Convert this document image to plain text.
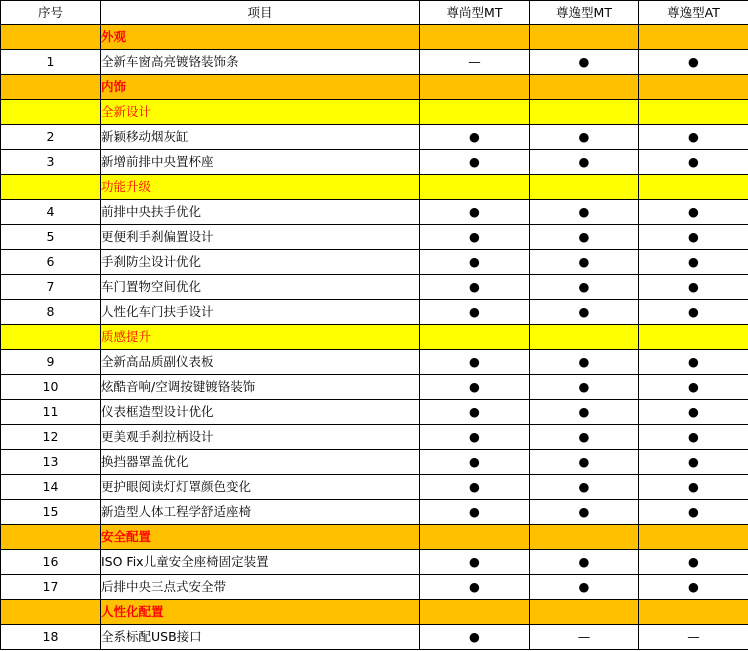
序号	项目	尊尚型MT	尊逸型MT	尊逸型AT
	外观			
1	全新车窗高亮镀铬装饰条	—	●	●
	内饰			
	全新设计			
2	新颖移动烟灰缸	●	●	●
3	新增前排中央置杯座	●	●	●
	功能升级			
4	前排中央扶手优化	●	●	●
5	更便利手刹偏置设计	●	●	●
6	手刹防尘设计优化	●	●	●
7	车门置物空间优化	●	●	●
8	人性化车门扶手设计	●	●	●
	质感提升			
9	全新高品质副仪表板	●	●	●
10	炫酷音响/空调按键镀铬装饰	●	●	●
11	仪表框造型设计优化	●	●	●
12	更美观手刹拉柄设计	●	●	●
13	换挡器罩盖优化	●	●	●
14	更护眼阅读灯灯罩颜色变化	●	●	●
15	新造型人体工程学舒适座椅	●	●	●
	安全配置			
16	ISO Fix儿童安全座椅固定装置	●	●	●
17	后排中央三点式安全带	●	●	●
	人性化配置			
18	全系标配USB接口	●	—	—
